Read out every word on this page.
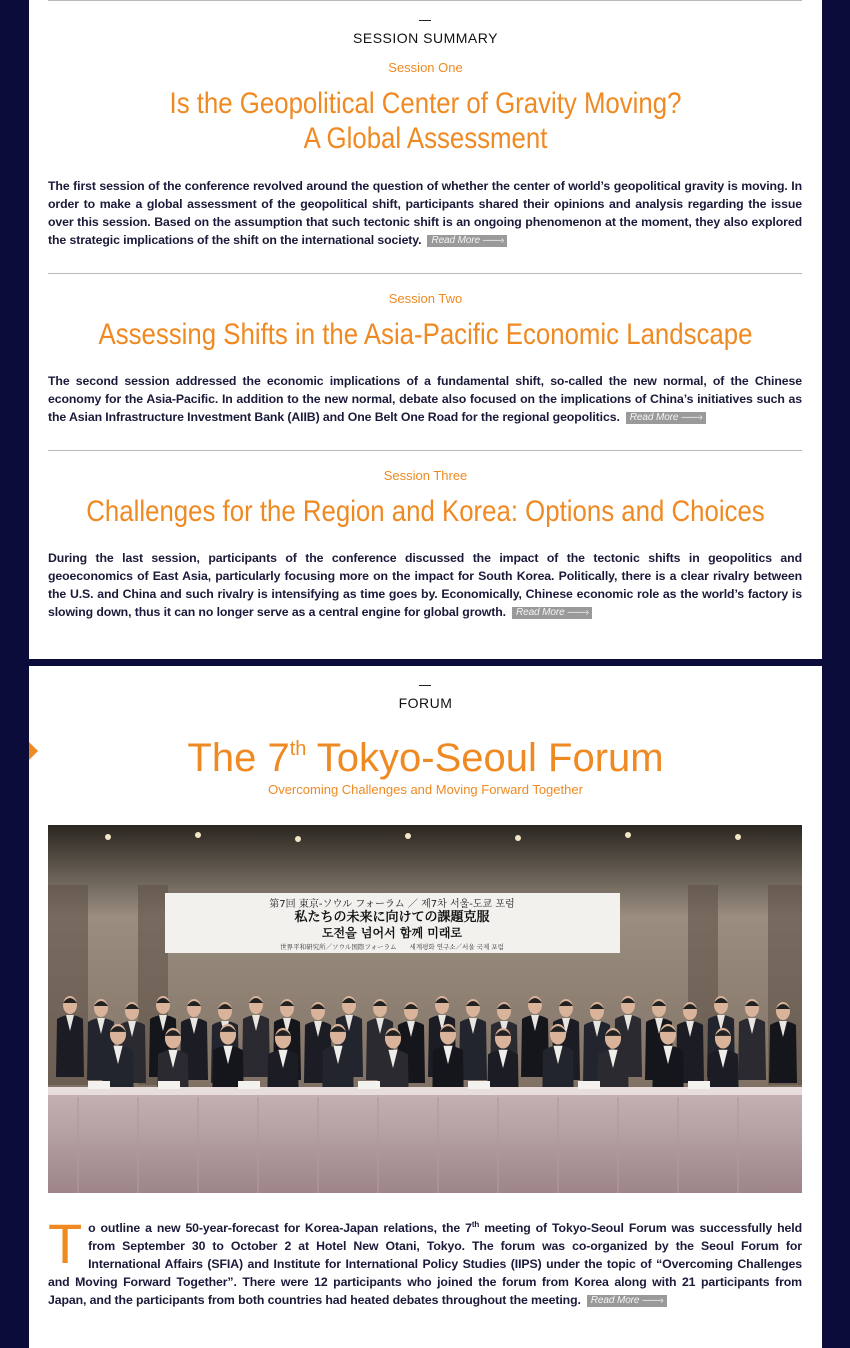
SESSION SUMMARY
Session One
Is the Geopolitical Center of Gravity Moving?
A Global Assessment
The first session of the conference revolved around the question of whether the center of world’s geopolitical gravity is moving. In order to make a global assessment of the geopolitical shift, participants shared their opinions and analysis regarding the issue over this session. Based on the assumption that such tectonic shift is an ongoing phenomenon at the moment, they also explored the strategic implications of the shift on the international society. Read More ——›
Session Two
Assessing Shifts in the Asia-Pacific Economic Landscape
The second session addressed the economic implications of a fundamental shift, so-called the new normal, of the Chinese economy for the Asia-Pacific. In addition to the new normal, debate also focused on the implications of China’s initiatives such as the Asian Infrastructure Investment Bank (AIIB) and One Belt One Road for the regional geopolitics. Read More ——›
Session Three
Challenges for the Region and Korea: Options and Choices
During the last session, participants of the conference discussed the impact of the tectonic shifts in geopolitics and geoeconomics of East Asia, particularly focusing more on the impact for South Korea. Politically, there is a clear rivalry between the U.S. and China and such rivalry is intensifying as time goes by. Economically, Chinese economic role as the world’s factory is slowing down, thus it can no longer serve as a central engine for global growth. Read More ——›
FORUM
The 7th Tokyo-Seoul Forum
Overcoming Challenges and Moving Forward Together
第7回 東京-ソウル フォーラム ／ 제7차 서울-도쿄 포럼
私たちの未来に向けての課題克服
도전을 넘어서 함께 미래로
世界平和研究所／ソウル国際フォーラム　　세계평화 연구소／서울 국제 포럼
To outline a new 50-year-forecast for Korea-Japan relations, the 7th meeting of Tokyo-Seoul Forum was successfully held from September 30 to October 2 at Hotel New Otani, Tokyo. The forum was co-organized by the Seoul Forum for International Affairs (SFIA) and Institute for International Policy Studies (IIPS) under the topic of “Overcoming Challenges and Moving Forward Together”. There were 12 participants who joined the forum from Korea along with 21 participants from Japan, and the participants from both countries had heated debates throughout the meeting. Read More ——›
